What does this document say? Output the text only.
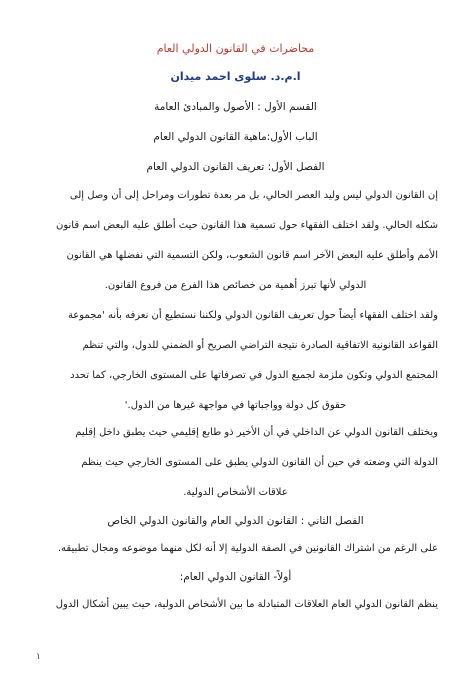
محاضرات في القانون الدولي العام
ا.م.د. سلوى احمد ميدان
القسم الأول : الأصول والمبادئ العامة
الباب الأول:ماهية القانون الدولي العام
الفصل الأول: تعريف القانون الدولي العام
إن القانون الدولي ليس وليد العصر الحالي، بل مر بعدة تطورات ومراحل إلى أن وصل إلى
شكله الحالي. ولقد اختلف الفقهاء حول تسمية هذا القانون حيث أطلق عليه البعض اسم قانون
الأمم وأطلق عليه البعض الآخر اسم قانون الشعوب، ولكن التسمية التي نفضلها هي القانون
الدولي لأنها تبرز أهمية من خصائص هذا الفرع من فروع القانون.
ولقد اختلف الفقهاء أيضاً حول تعريف القانون الدولي ولكننا نستطيع أن نعرفه بأنه 'مجموعة
القواعد القانونية الاتفاقية الصادرة نتيجة التراضي الصريح أو الضمني للدول، والتي تنظم
المجتمع الدولي وتكون ملزمة لجميع الدول في تصرفاتها على المستوى الخارجي، كما تحدد
حقوق كل دولة وواجباتها في مواجهة غيرها من الدول.'
ويختلف القانون الدولي عن الداخلي في أن الأخير ذو طابع إقليمي حيث يطبق داخل إقليم
الدولة التي وضعته في حين أن القانون الدولي يطبق على المستوى الخارجي حيث ينظم
علاقات الأشخاص الدولية.
الفصل الثاني : القانون الدولي العام والقانون الدولي الخاص
على الرغم من اشتراك القانونين في الصفة الدولية إلا أنه لكل منهما موضوعه ومجال تطبيقه.
أولاً- القانون الدولي العام:
ينظم القانون الدولي العام العلاقات المتبادلة ما بين الأشخاص الدولية، حيث يبين أشكال الدول
١
